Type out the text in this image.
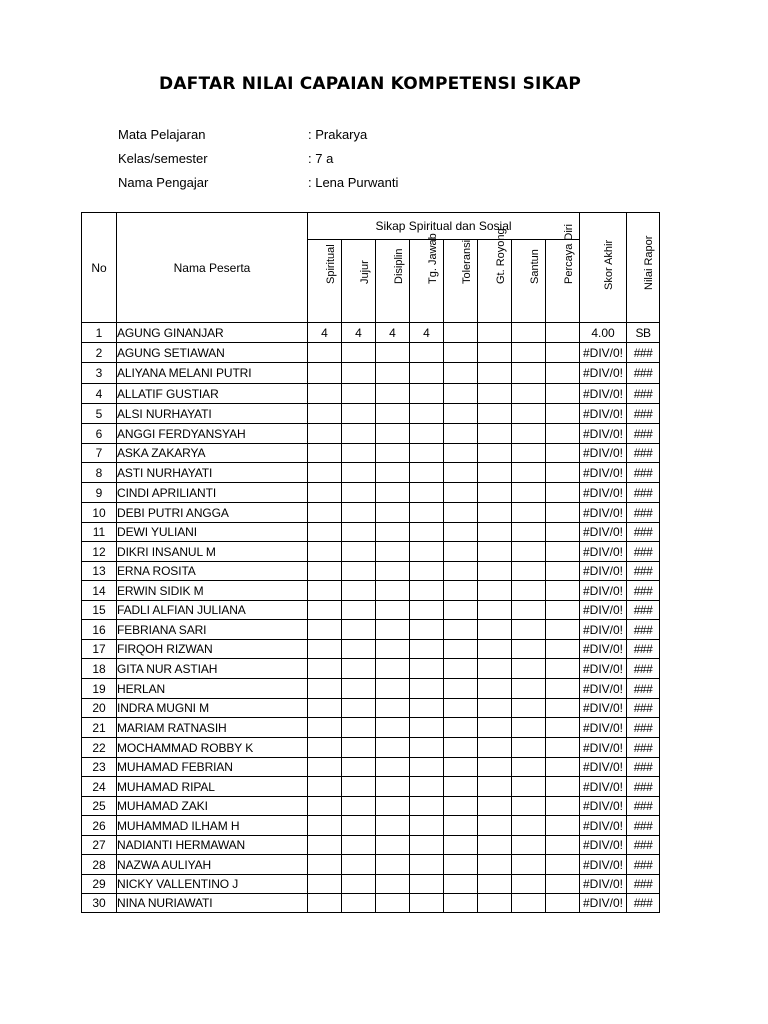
DAFTAR NILAI CAPAIAN KOMPETENSI SIKAP
Mata Pelajaran	: Prakarya
Kelas/semester	: 7 a
Nama Pengajar	: Lena Purwanti
No	Nama Peserta	Sikap Spiritual dan Sosial								Skor Akhir	Nilai Rapor

		Spiritual	Jujur	Disiplin	Tg. Jawab	Toleransi	Gt. Royong	Santun	Percaya Diri		

1	AGUNG GINANJAR	4	4	4	4					4.00	SB
2	AGUNG SETIAWAN									#DIV/0!	###
3	ALIYANA MELANI PUTRI									#DIV/0!	###
4	ALLATIF GUSTIAR									#DIV/0!	###
5	ALSI NURHAYATI									#DIV/0!	###
6	ANGGI FERDYANSYAH									#DIV/0!	###
7	ASKA ZAKARYA									#DIV/0!	###
8	ASTI NURHAYATI									#DIV/0!	###
9	CINDI APRILIANTI									#DIV/0!	###
10	DEBI PUTRI ANGGA									#DIV/0!	###
11	DEWI YULIANI									#DIV/0!	###
12	DIKRI INSANUL M									#DIV/0!	###
13	ERNA ROSITA									#DIV/0!	###
14	ERWIN SIDIK M									#DIV/0!	###
15	FADLI ALFIAN JULIANA									#DIV/0!	###
16	FEBRIANA SARI									#DIV/0!	###
17	FIRQOH RIZWAN									#DIV/0!	###
18	GITA NUR ASTIAH									#DIV/0!	###
19	HERLAN									#DIV/0!	###
20	INDRA MUGNI M									#DIV/0!	###
21	MARIAM RATNASIH									#DIV/0!	###
22	MOCHAMMAD ROBBY K									#DIV/0!	###
23	MUHAMAD FEBRIAN									#DIV/0!	###
24	MUHAMAD RIPAL									#DIV/0!	###
25	MUHAMAD ZAKI									#DIV/0!	###
26	MUHAMMAD ILHAM H									#DIV/0!	###
27	NADIANTI HERMAWAN									#DIV/0!	###
28	NAZWA AULIYAH									#DIV/0!	###
29	NICKY VALLENTINO J									#DIV/0!	###
30	NINA NURIAWATI									#DIV/0!	###
